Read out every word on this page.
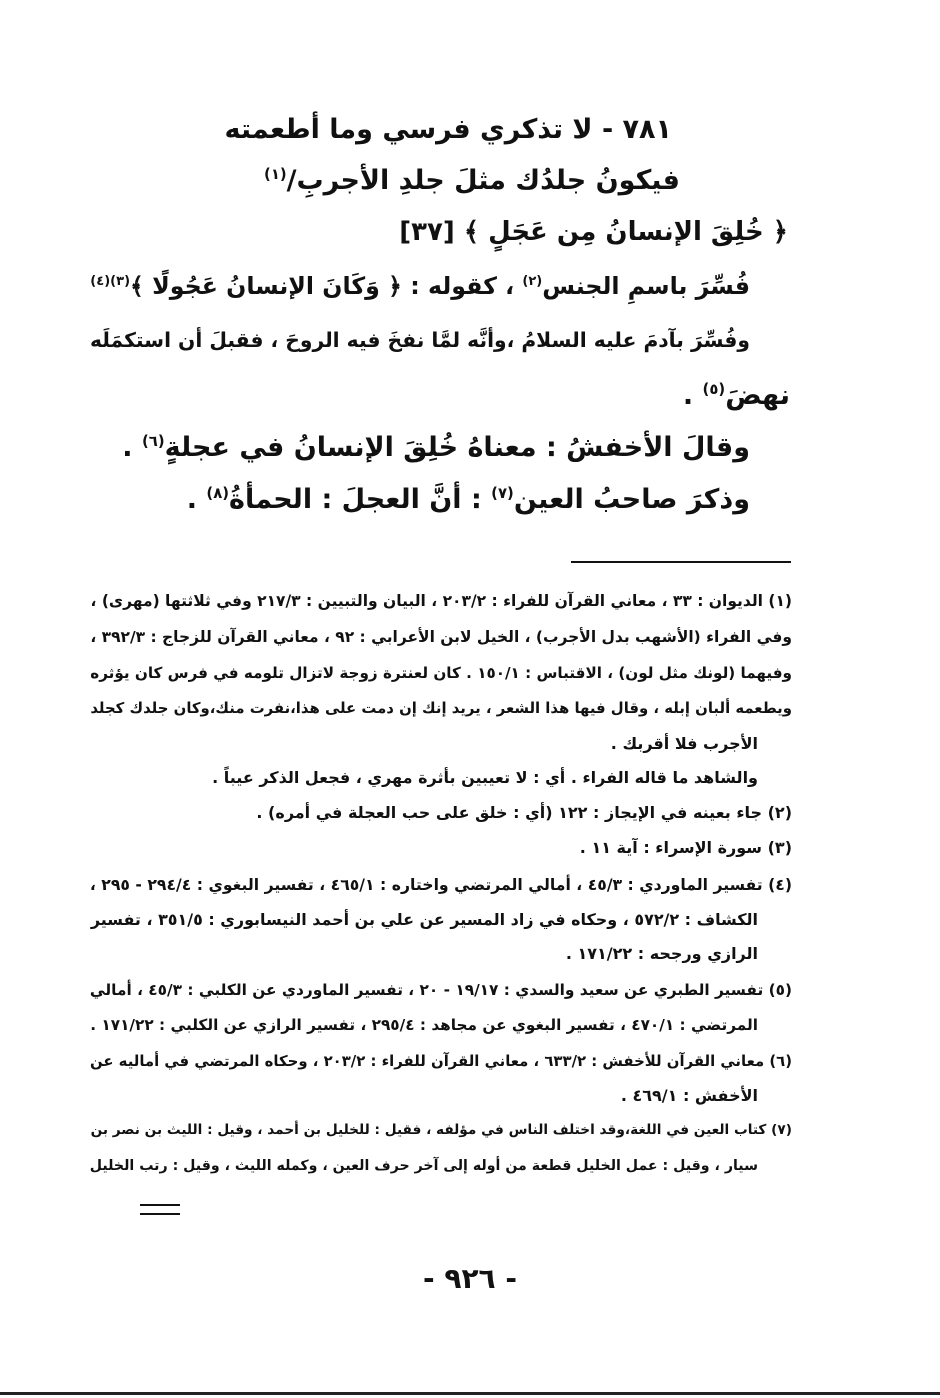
٧٨١ - لا تذكري فرسي وما أطعمته
فيكونُ جلدُك مثلَ جلدِ الأجربِ/$^{(١)}$
﴿ خُلِقَ الإنسانُ مِن عَجَلٍ ﴾ [٣٧]
فُسِّرَ باسمِ الجنس$^{(٢)}$ ، كقوله : ﴿ وَكَانَ الإنسانُ عَجُولًا ﴾$^{(٣)(٤)}$
وفُسِّرَ بآدمَ عليه السلامُ ،وأنَّه لمَّا نفخَ فيه الروحَ ، فقبلَ أن استكمَلَه
نهضَ$^{(٥)}$ .
وقالَ الأخفشُ : معناهُ خُلِقَ الإنسانُ في عجلةٍ$^{(٦)}$ .
وذكرَ صاحبُ العين$^{(٧)}$ : أنَّ العجلَ : الحمأةُ$^{(٨)}$ .
(١) الديوان : ٣٣ ، معاني القرآن للفراء : ٢٠٣/٢ ، البيان والتبيين : ٢١٧/٣ وفي ثلاثتها (مهرى) ،
وفي الفراء (الأشهب بدل الأجرب) ، الخيل لابن الأعرابي : ٩٢ ، معاني القرآن للزجاج : ٣٩٢/٣ ،
وفيهما (لونك مثل لون) ، الاقتباس : ١٥٠/١ . كان لعنترة زوجة لاتزال تلومه في فرس كان يؤثره
ويطعمه ألبان إبله ، وقال فيها هذا الشعر ، يريد إنك إن دمت على هذا،نفرت منك،وكان جلدك كجلد
الأجرب فلا أقربك .
والشاهد ما قاله الفراء . أي : لا تعيبين بأثرة مهري ، فجعل الذكر عيباً .
(٢) جاء بعينه في الإيجاز : ١٢٢ (أي : خلق على حب العجلة في أمره) .
(٣) سورة الإسراء : آية ١١ .
(٤) تفسير الماوردي : ٤٥/٣ ، أمالي المرتضي واختاره : ٤٦٥/١ ، تفسير البغوي : ٢٩٤/٤ - ٢٩٥ ،
الكشاف : ٥٧٢/٢ ، وحكاه في زاد المسير عن علي بن أحمد النيسابوري : ٣٥١/٥ ، تفسير
الرازي ورجحه : ١٧١/٢٢ .
(٥) تفسير الطبري عن سعيد والسدي : ١٩/١٧ - ٢٠ ، تفسير الماوردي عن الكلبي : ٤٥/٣ ، أمالي
المرتضي : ٤٧٠/١ ، تفسير البغوي عن مجاهد : ٢٩٥/٤ ، تفسير الرازي عن الكلبي : ١٧١/٢٢ .
(٦) معاني القرآن للأخفش : ٦٣٣/٢ ، معاني القرآن للفراء : ٢٠٣/٢ ، وحكاه المرتضي في أماليه عن
الأخفش : ٤٦٩/١ .
(٧) كتاب العين في اللغة،وقد اختلف الناس في مؤلفه ، فقيل : للخليل بن أحمد ، وقيل : الليث بن نصر بن
سيار ، وقيل : عمل الخليل قطعة من أوله إلى آخر حرف العين ، وكمله الليث ، وقيل : رتب الخليل
- ٩٢٦ -
